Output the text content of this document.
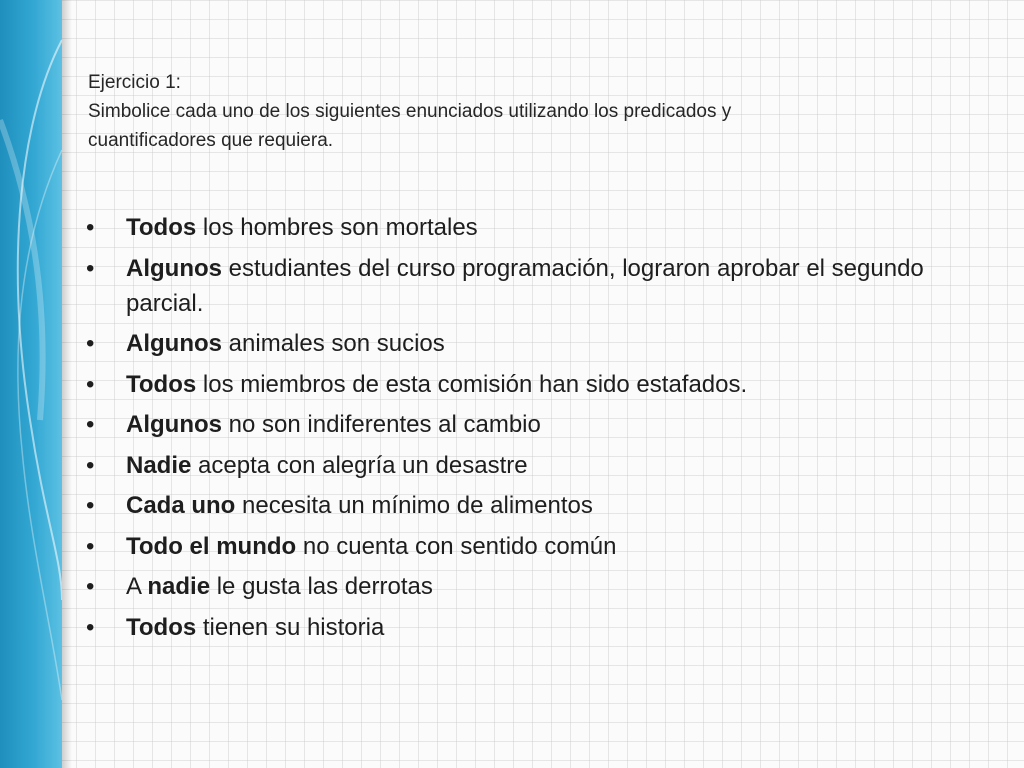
Ejercicio 1:
Simbolice cada uno de los siguientes enunciados utilizando los predicados y
cuantificadores que requiera.
•	Todos los hombres son mortales
•	Algunos estudiantes del curso programación, lograron aprobar el segundo parcial.
•	Algunos animales son sucios
•	Todos los miembros de esta comisión han sido estafados.
•	Algunos no son indiferentes al cambio
•	Nadie acepta con alegría un desastre
•	Cada uno necesita un mínimo de alimentos
•	Todo el mundo no cuenta con sentido común
•	A nadie le gusta las derrotas
•	Todos tienen su historia
